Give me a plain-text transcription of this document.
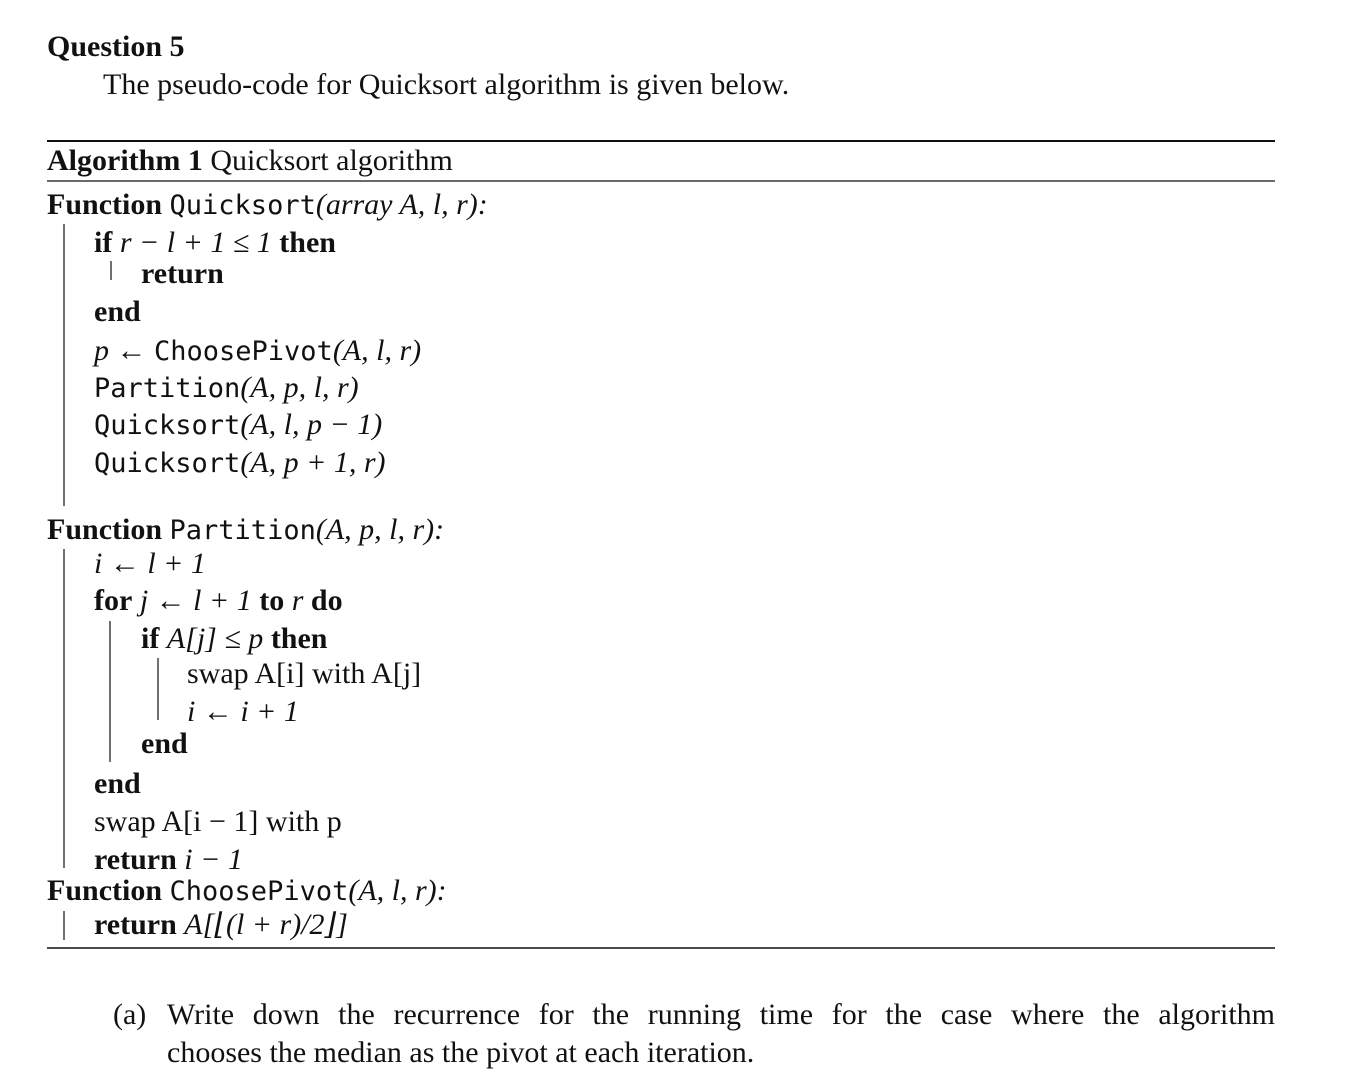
Question 5
The pseudo-code for Quicksort algorithm is given below.
Algorithm 1 Quicksort algorithm
Function Quicksort(array A, l, r):
if r − l + 1 ≤ 1 then
return
end
p ← ChoosePivot(A, l, r)
Partition(A, p, l, r)
Quicksort(A, l, p − 1)
Quicksort(A, p + 1, r)
Function Partition(A, p, l, r):
i ← l + 1
for j ← l + 1 to r do
if A[j] ≤ p then
swap A[i] with A[j]
i ← i + 1
end
end
swap A[i − 1] with p
return i − 1
Function ChoosePivot(A, l, r):
return A[⌊(l + r)/2⌋]
(a) Write down the recurrence for the running time for the case where the algorithm
chooses the median as the pivot at each iteration.
